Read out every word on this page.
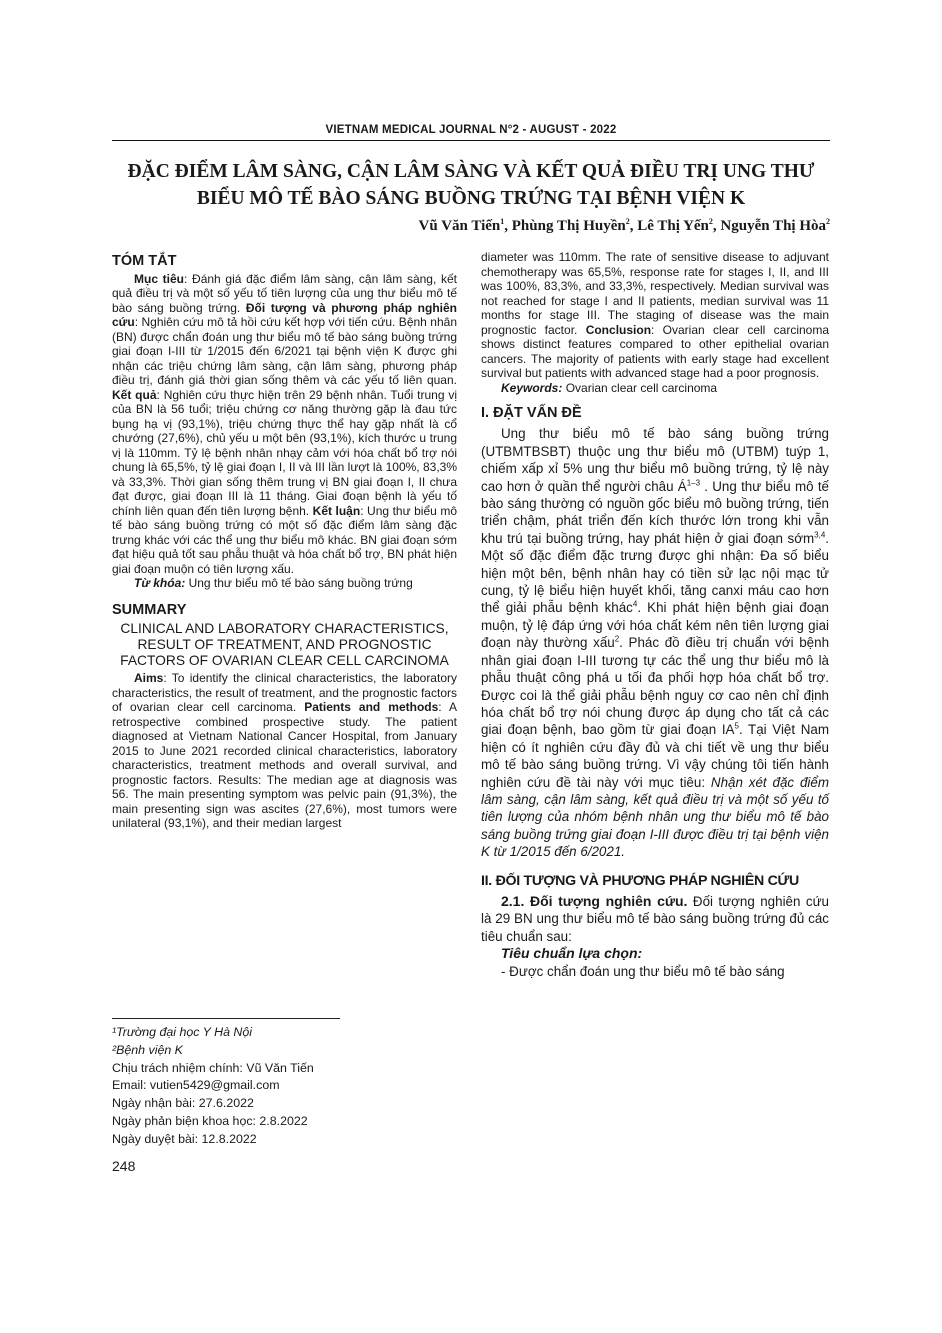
VIETNAM MEDICAL JOURNAL N°2 - AUGUST - 2022
ĐẶC ĐIỂM LÂM SÀNG, CẬN LÂM SÀNG VÀ KẾT QUẢ ĐIỀU TRỊ UNG THƯ
BIỂU MÔ TẾ BÀO SÁNG BUỒNG TRỨNG TẠI BỆNH VIỆN K
Vũ Văn Tiến$^1$, Phùng Thị Huyền$^2$, Lê Thị Yến$^2$, Nguyễn Thị Hòa$^2$
TÓM TẮT

Mục tiêu: Đánh giá đặc điểm lâm sàng, cận lâm sàng, kết quả điều trị và một số yếu tố tiên lượng của ung thư biểu mô tế bào sáng buồng trứng. Đối tượng và phương pháp nghiên cứu: Nghiên cứu mô tả hồi cứu kết hợp với tiến cứu. Bệnh nhân (BN) được chẩn đoán ung thư biểu mô tế bào sáng buồng trứng giai đoạn I-III từ 1/2015 đến 6/2021 tại bệnh viện K được ghi nhận các triệu chứng lâm sàng, cận lâm sàng, phương pháp điều trị, đánh giá thời gian sống thêm và các yếu tố liên quan. Kết quả: Nghiên cứu thực hiện trên 29 bệnh nhân. Tuổi trung vị của BN là 56 tuổi; triệu chứng cơ năng thường gặp là đau tức bụng hạ vị (93,1%), triệu chứng thực thể hay gặp nhất là cổ chướng (27,6%), chủ yếu u một bên (93,1%), kích thước u trung vị là 110mm. Tỷ lệ bệnh nhân nhạy cảm với hóa chất bổ trợ nói chung là 65,5%, tỷ lệ giai đoạn I, II và III lần lượt là 100%, 83,3% và 33,3%. Thời gian sống thêm trung vị BN giai đoạn I, II chưa đạt được, giai đoạn III là 11 tháng. Giai đoạn bệnh là yếu tố chính liên quan đến tiên lượng bệnh. Kết luận: Ung thư biểu mô tế bào sáng buồng trứng có một số đặc điểm lâm sàng đặc trưng khác với các thể ung thư biểu mô khác. BN giai đoạn sớm đạt hiệu quả tốt sau phẫu thuật và hóa chất bổ trợ, BN phát hiện giai đoạn muộn có tiên lượng xấu.

Từ khóa: Ung thư biểu mô tế bào sáng buồng trứng

SUMMARY
CLINICAL AND LABORATORY CHARACTERISTICS, RESULT OF TREATMENT, AND PROGNOSTIC FACTORS OF OVARIAN CLEAR CELL CARCINOMA

Aims: To identify the clinical characteristics, the laboratory characteristics, the result of treatment, and the prognostic factors of ovarian clear cell carcinoma. Patients and methods: A retrospective combined prospective study. The patient diagnosed at Vietnam National Cancer Hospital, from January 2015 to June 2021 recorded clinical characteristics, laboratory characteristics, treatment methods and overall survival, and prognostic factors. Results: The median age at diagnosis was 56. The main presenting symptom was pelvic pain (91,3%), the main presenting sign was ascites (27,6%), most tumors were unilateral (93,1%), and their median largest

¹Trường đại học Y Hà Nội
²Bệnh viện K
Chịu trách nhiệm chính: Vũ Văn Tiến
Email: vutien5429@gmail.com
Ngày nhận bài: 27.6.2022
Ngày phản biện khoa học: 2.8.2022
Ngày duyệt bài: 12.8.2022
248

diameter was 110mm. The rate of sensitive disease to adjuvant chemotherapy was 65,5%, response rate for stages I, II, and III was 100%, 83,3%, and 33,3%, respectively. Median survival was not reached for stage I and II patients, median survival was 11 months for stage III. The staging of disease was the main prognostic factor. Conclusion: Ovarian clear cell carcinoma shows distinct features compared to other epithelial ovarian cancers. The majority of patients with early stage had excellent survival but patients with advanced stage had a poor prognosis.

Keywords: Ovarian clear cell carcinoma

I. ĐẶT VẤN ĐỀ

Ung thư biểu mô tế bào sáng buồng trứng (UTBMTBSBT) thuộc ung thư biểu mô (UTBM) tuýp 1, chiếm xấp xỉ 5% ung thư biểu mô buồng trứng, tỷ lệ này cao hơn ở quần thể người châu $Á^{1-3}$ . Ung thư biểu mô tế bào sáng thường có nguồn gốc biểu mô buồng trứng, tiến triển chậm, phát triển đến kích thước lớn trong khi vẫn khu trú tại buồng trứng, hay phát hiện ở giai đoạn sớm$^{3,4}$. Một số đặc điểm đặc trưng được ghi nhận: Đa số biểu hiện một bên, bệnh nhân hay có tiền sử lạc nội mạc tử cung, tỷ lệ biểu hiện huyết khối, tăng canxi máu cao hơn thể giải phẫu bệnh khác$^4$. Khi phát hiện bệnh giai đoạn muộn, tỷ lệ đáp ứng với hóa chất kém nên tiên lượng giai đoạn này thường xấu$^2$. Phác đồ điều trị chuẩn với bệnh nhân giai đoạn I-III tương tự các thể ung thư biểu mô là phẫu thuật công phá u tối đa phối hợp hóa chất bổ trợ. Được coi là thể giải phẫu bệnh nguy cơ cao nên chỉ định hóa chất bổ trợ nói chung được áp dụng cho tất cả các giai đoạn bệnh, bao gồm từ giai đoạn $IA^5$. Tại Việt Nam hiện có ít nghiên cứu đầy đủ và chi tiết về ung thư biểu mô tế bào sáng buồng trứng. Vì vậy chúng tôi tiến hành nghiên cứu đề tài này với mục tiêu: Nhận xét đặc điểm lâm sàng, cận lâm sàng, kết quả điều trị và một số yếu tố tiên lượng của nhóm bệnh nhân ung thư biểu mô tế bào sáng buồng trứng giai đoạn I-III được điều trị tại bệnh viện K từ 1/2015 đến 6/2021.

II. ĐỐI TƯỢNG VÀ PHƯƠNG PHÁP NGHIÊN CỨU

2.1. Đối tượng nghiên cứu. Đối tượng nghiên cứu là 29 BN ung thư biểu mô tế bào sáng buồng trứng đủ các tiêu chuẩn sau:

Tiêu chuẩn lựa chọn:
- Được chẩn đoán ung thư biểu mô tế bào sáng
